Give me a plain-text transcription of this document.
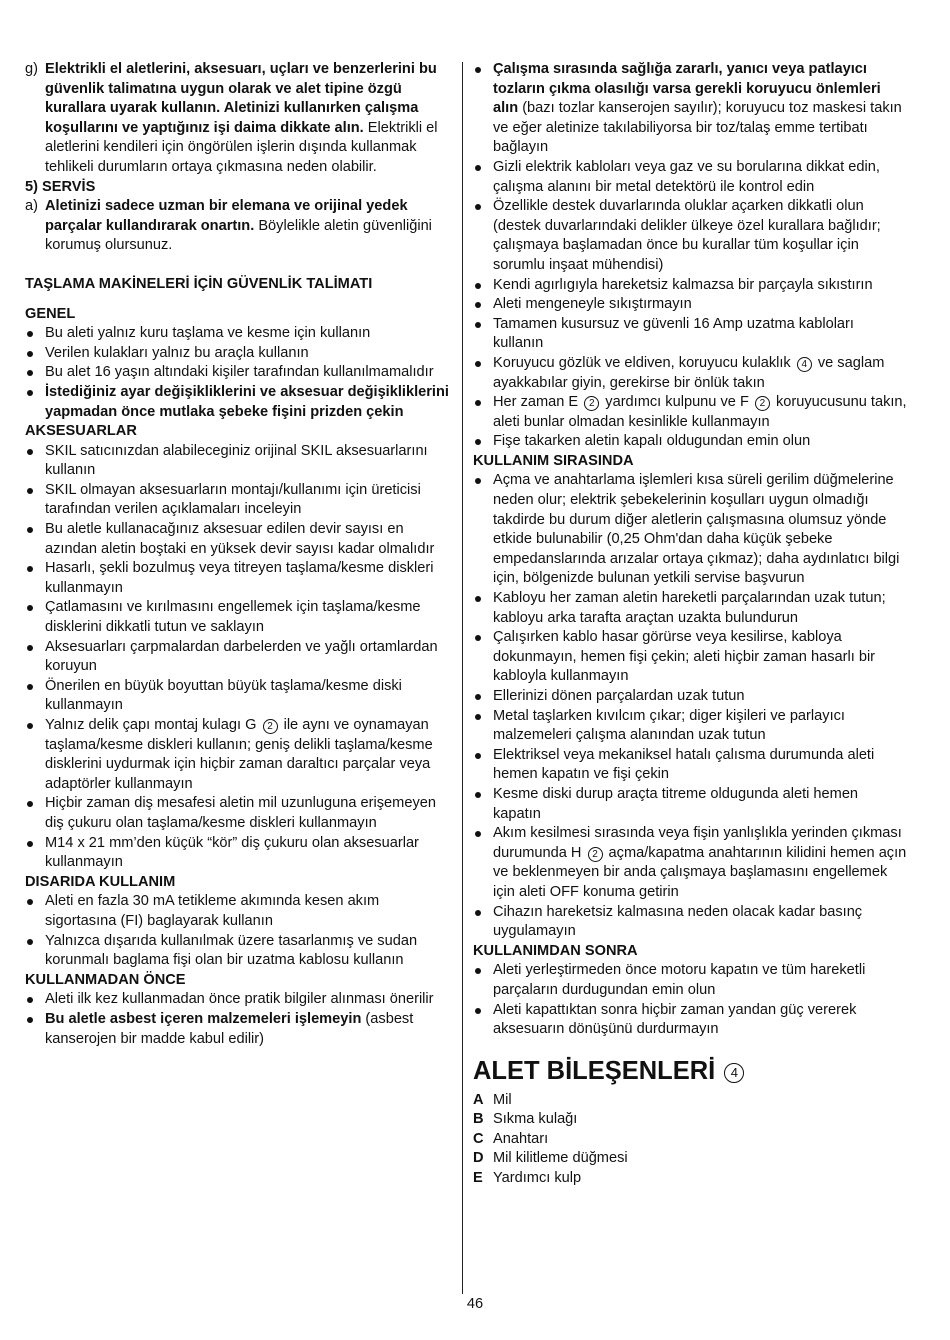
g) Elektrikli el aletlerini, aksesuarı, uçları ve benzerlerini bu güvenlik talimatına uygun olarak ve alet tipine özgü kurallara uyarak kullanın. Aletinizi kullanırken çalışma koşullarını ve yaptığınız işi daima dikkate alın. Elektrikli el aletlerini kendileri için öngörülen işlerin dışında kullanmak tehlikeli durumların ortaya çıkmasına neden olabilir.
5) SERVİS
a) Aletinizi sadece uzman bir elemana ve orijinal yedek parçalar kullandırarak onartın. Böylelikle aletin güvenliğini korumuş olursunuz.
TAŞLAMA MAKİNELERİ İÇİN GÜVENLİK TALİMATI
GENEL
Bu aleti yalnız kuru taşlama ve kesme için kullanın
Verilen kulakları yalnız bu araçla kullanın
Bu alet 16 yaşın altındaki kişiler tarafından kullanılmamalıdır
İstediğiniz ayar değişikliklerini ve aksesuar değişikliklerini yapmadan önce mutlaka şebeke fişini prizden çekin
AKSESUARLAR
SKIL satıcınızdan alabileceginiz orijinal SKIL aksesuarlarını kullanın
SKIL olmayan aksesuarların montajı/kullanımı için üreticisi tarafından verilen açıklamaları inceleyin
Bu aletle kullanacağınız aksesuar edilen devir sayısı en azından aletin boştaki en yüksek devir sayısı kadar olmalıdır
Hasarlı, şekli bozulmuş veya titreyen taşlama/kesme diskleri kullanmayın
Çatlamasını ve kırılmasını engellemek için taşlama/kesme disklerini dikkatli tutun ve saklayın
Aksesuarları çarpmalardan darbelerden ve yağlı ortamlardan koruyun
Önerilen en büyük boyuttan büyük taşlama/kesme diski kullanmayın
Yalnız delik çapı montaj kulagı G 2 ile aynı ve oynamayan taşlama/kesme diskleri kullanın; geniş delikli taşlama/kesme disklerini uydurmak için hiçbir zaman daraltıcı parçalar veya adaptörler kullanmayın
Hiçbir zaman diş mesafesi aletin mil uzunluguna erişemeyen diş çukuru olan taşlama/kesme diskleri kullanmayın
M14 x 21 mm’den küçük “kör” diş çukuru olan aksesuarlar kullanmayın
DISARIDA KULLANIM
Aleti en fazla 30 mA tetikleme akımında kesen akım sigortasına (FI) baglayarak kullanın
Yalnızca dışarıda kullanılmak üzere tasarlanmış ve sudan korunmalı baglama fişi olan bir uzatma kablosu kullanın
KULLANMADAN ÖNCE
Aleti ilk kez kullanmadan önce pratik bilgiler alınması önerilir
Bu aletle asbest içeren malzemeleri işlemeyin (asbest kanserojen bir madde kabul edilir)
Çalışma sırasında sağlığa zararlı, yanıcı veya patlayıcı tozların çıkma olasılığı varsa gerekli koruyucu önlemleri alın (bazı tozlar kanserojen sayılır); koruyucu toz maskesi takın ve eğer aletinize takılabiliyorsa bir toz/talaş emme tertibatı bağlayın
Gizli elektrik kabloları veya gaz ve su borularına dikkat edin, çalışma alanını bir metal detektörü ile kontrol edin
Özellikle destek duvarlarında oluklar açarken dikkatli olun (destek duvarlarındaki delikler ülkeye özel kurallara bağlıdır; çalışmaya başlamadan önce bu kurallar tüm koşullar için sorumlu inşaat mühendisi)
Kendi agırlıgıyla hareketsiz kalmazsa bir parçayla sıkıstırın
Aleti mengeneyle sıkıştırmayın
Tamamen kusursuz ve güvenli 16 Amp uzatma kabloları kullanın
Koruyucu gözlük ve eldiven, koruyucu kulaklık 4 ve saglam ayakkabılar giyin, gerekirse bir önlük takın
Her zaman E 2 yardımcı kulpunu ve F 2 koruyucusunu takın, aleti bunlar olmadan kesinlikle kullanmayın
Fişe takarken aletin kapalı oldugundan emin olun
KULLANIM SIRASINDA
Açma ve anahtarlama işlemleri kısa süreli gerilim düğmelerine neden olur; elektrik şebekelerinin koşulları uygun olmadığı takdirde bu durum diğer aletlerin çalışmasına olumsuz yönde etkide bulunabilir (0,25 Ohm'dan daha küçük şebeke empedanslarında arızalar ortaya çıkmaz); daha aydınlatıcı bilgi için, bölgenizde bulunan yetkili servise başvurun
Kabloyu her zaman aletin hareketli parçalarından uzak tutun; kabloyu arka tarafta araçtan uzakta bulundurun
Çalışırken kablo hasar görürse veya kesilirse, kabloya dokunmayın, hemen fişi çekin; aleti hiçbir zaman hasarlı bir kabloyla kullanmayın
Ellerinizi dönen parçalardan uzak tutun
Metal taşlarken kıvılcım çıkar; diger kişileri ve parlayıcı malzemeleri çalışma alanından uzak tutun
Elektriksel veya mekaniksel hatalı çalısma durumunda aleti hemen kapatın ve fişi çekin
Kesme diski durup araçta titreme oldugunda aleti hemen kapatın
Akım kesilmesi sırasında veya fişin yanlışlıkla yerinden çıkması durumunda H 2 açma/kapatma anahtarının kilidini hemen açın ve beklenmeyen bir anda çalışmaya başlamasını engellemek için aleti OFF konuma getirin
Cihazın hareketsiz kalmasına neden olacak kadar basınç uygulamayın
KULLANIMDAN SONRA
Aleti yerleştirmeden önce motoru kapatın ve tüm hareketli parçaların durdugundan emin olun
Aleti kapattıktan sonra hiçbir zaman yandan güç vererek aksesuarın dönüşünü durdurmayın
ALET BİLEŞENLERİ 4
A Mil
B Sıkma kulağı
C Anahtarı
D Mil kilitleme düğmesi
E Yardımcı kulp
46
